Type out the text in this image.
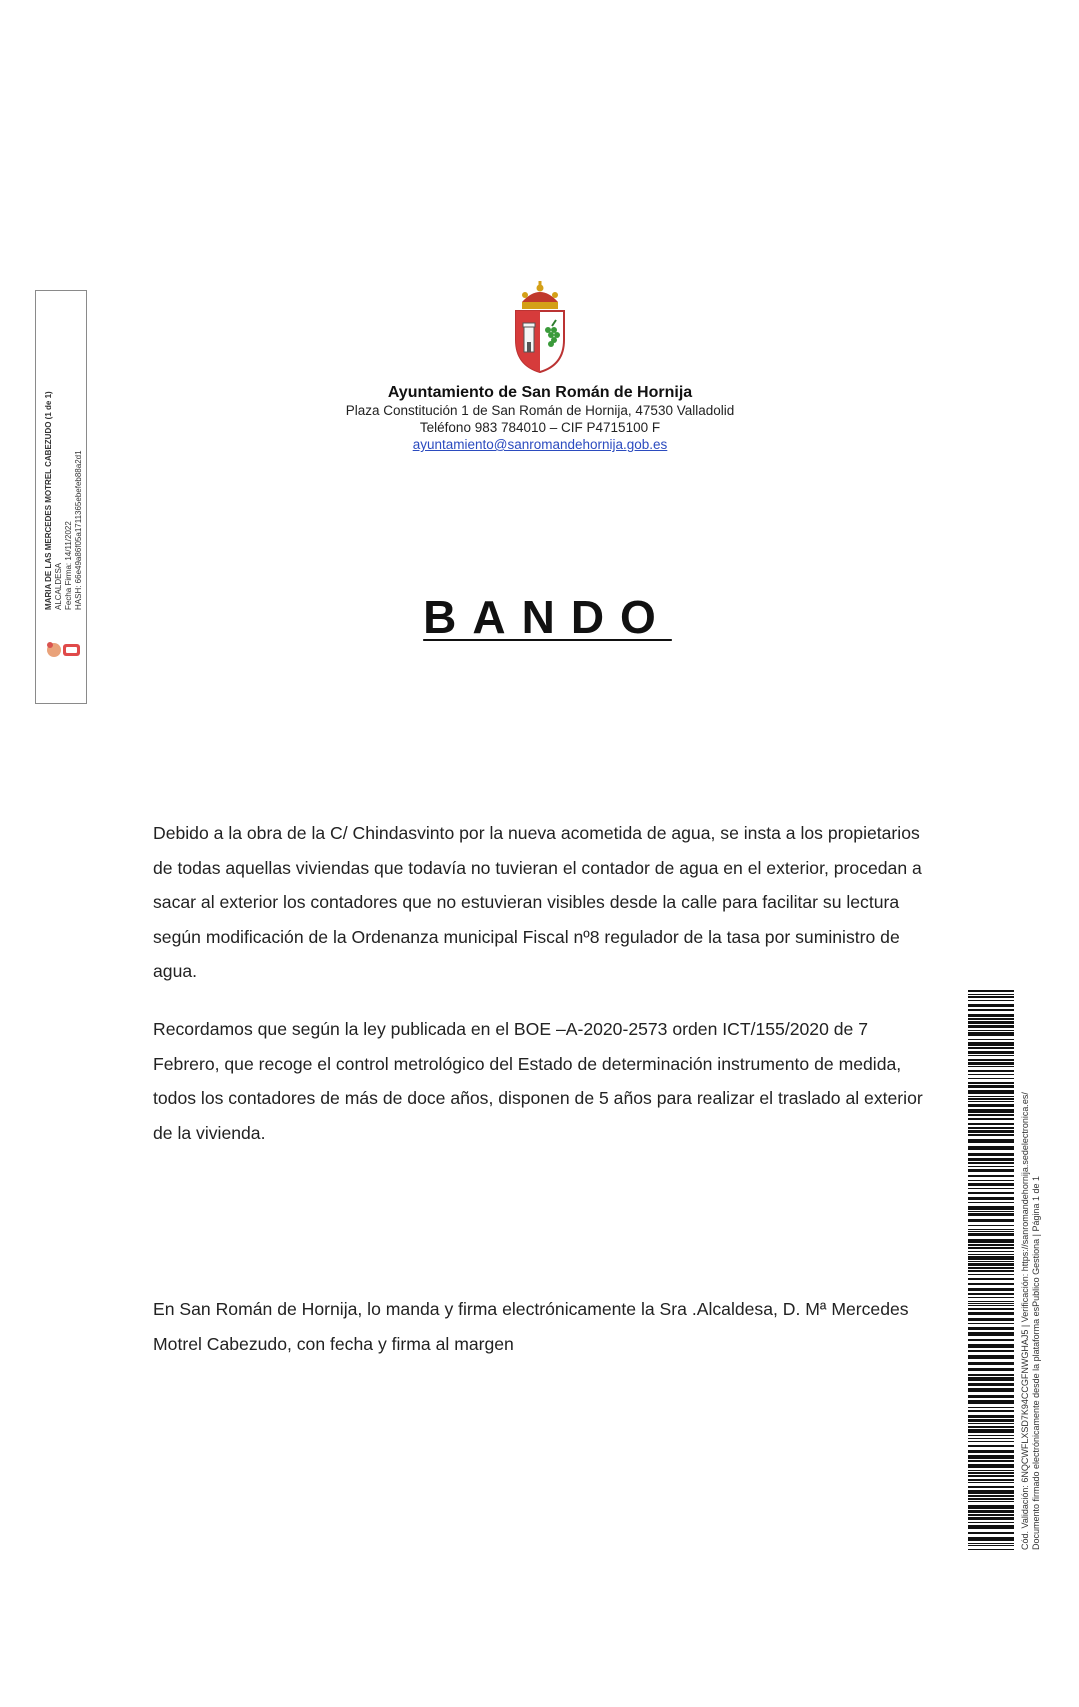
MARIA DE LAS MERCEDES MOTREL CABEZUDO (1 de 1) ALCALDESA Fecha Firma: 14/11/2022 HASH: 66e49a86f05a1711365ebefeb88a2d1
Ayuntamiento de San Román de Hornija
Plaza Constitución 1 de San Román de Hornija, 47530 Valladolid
Teléfono 983 784010 – CIF P4715100 F
ayuntamiento@sanromandehornija.gob.es
BANDO

Debido a la obra de la C/ Chindasvinto por la nueva acometida de agua, se insta a los propietarios de todas aquellas viviendas que todavía no tuvieran el contador de agua en el exterior, procedan a sacar al exterior los contadores que no estuvieran visibles desde la calle para facilitar su lectura según modificación de la Ordenanza municipal Fiscal nº8 regulador de la tasa por suministro de agua.

Recordamos que según la ley publicada en el BOE –A-2020-2573 orden ICT/155/2020 de 7 Febrero, que recoge el control metrológico del Estado de determinación instrumento de medida, todos los contadores de más de doce años, disponen de 5 años para realizar el traslado al exterior de la vivienda.

En San Román de Hornija, lo manda y firma electrónicamente la Sra .Alcaldesa, D. Mª Mercedes Motrel Cabezudo, con fecha y firma al margen	Cód. Validación: 6NQCWFLXSD7K94CCGFNWGHAJ5 | Verificación: https://sanromandehornija.sedelectronica.es/ Documento firmado electrónicamente desde la plataforma esPublico Gestiona | Página 1 de 1
